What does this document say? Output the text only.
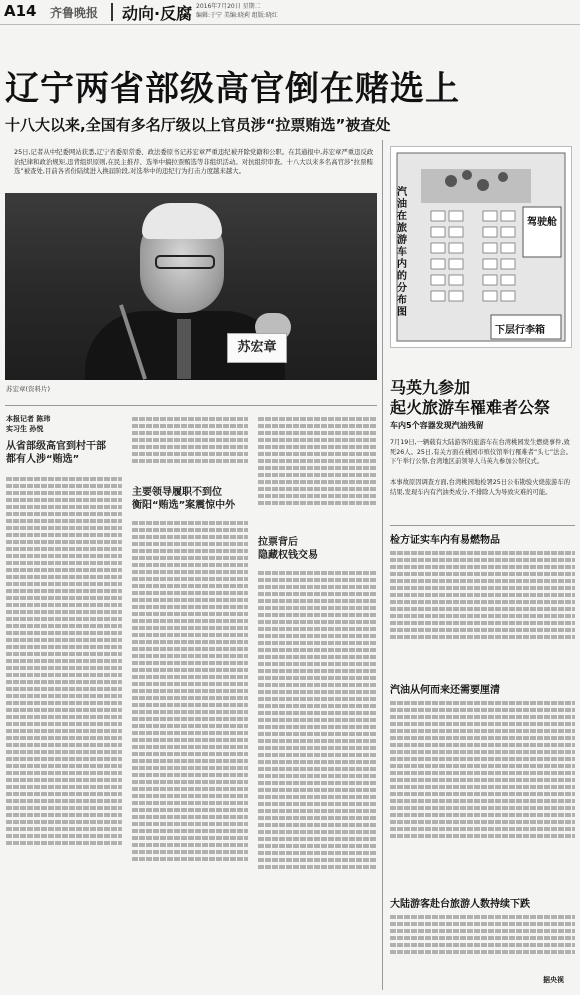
A14 齐鲁晚报 动向·反腐 2016年7月20日 星期二
编辑:于宁 美编:晓莉 组版:晓红
辽宁两省部级高官倒在赌选上
十八大以来,全国有多名厅级以上官员涉“拉票贿选”被查处
25日,记者从中纪委网站获悉,辽宁省委原常委、政法委原书记苏宏章严重违纪被开除党籍和公职。在其通报中,苏宏章严重违反政治纪律和政治规矩,违背组织原则,在民主推荐、选举中搞拉票贿选等非组织活动。对抗组织审查。十八大以来多名高官涉“拉票贿选”被查处,目前各省份陆续进入换届阶段,对选举中的违纪行为打击力度越来越大。
苏宏章
苏宏章(资料片)
汽油在旅游车内的分布图
驾驶舱
下层行李箱
马英九参加
起火旅游车罹难者公祭
车内5个容器发现汽油残留
7月19日,一辆载有大陆游客的旅游车在台湾桃园发生燃烧事件,致死26人。25日,有关方面在桃园市殡仪馆举行罹难者“头七”法会。下午举行公祭,台湾地区前领导人马英九参加公祭仪式。
本事故原因调查方面,台湾桃园地检署25日公布勘验火烧旅游车的结果,发现车内有汽油类成分,不排除人为导致灾难的可能。
检方证实车内有易燃物品
汽油从何而来还需要厘清
大陆游客赴台旅游人数持续下跌
据央视
本报记者 陈玮
实习生 孙悦
从省部级高官到村干部
都有人涉“贿选”
主要领导履职不到位
衡阳“贿选”案震惊中外
拉票背后
隐藏权钱交易
